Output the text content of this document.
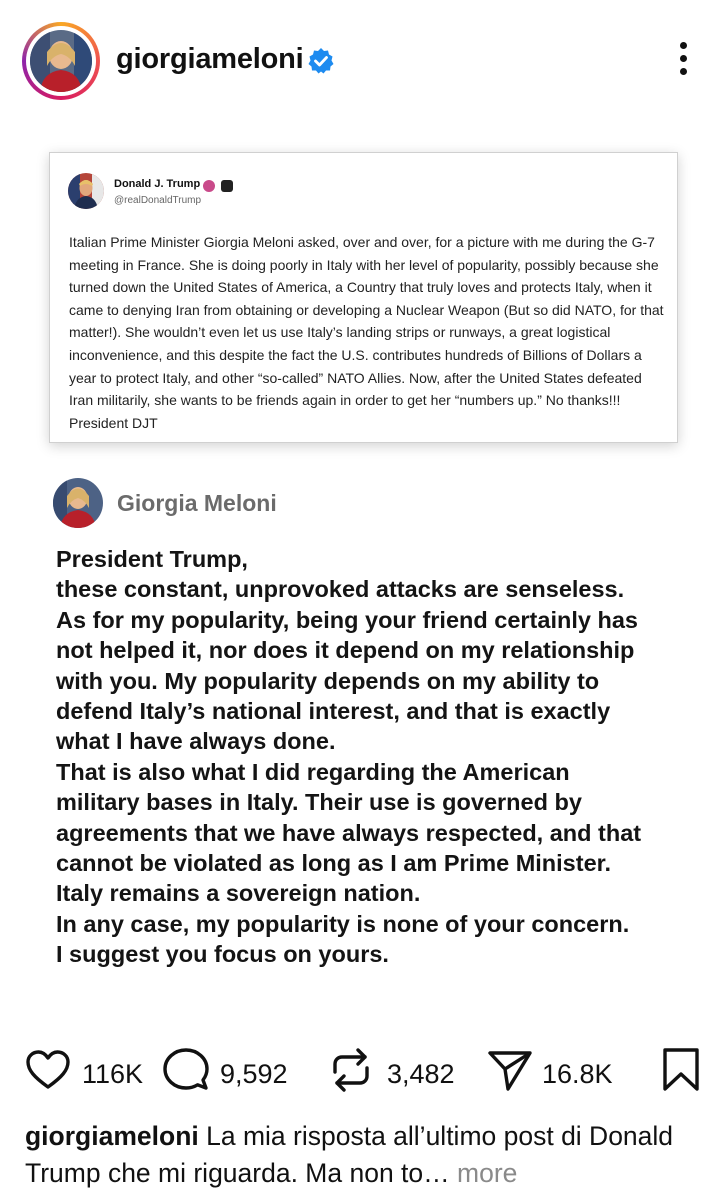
giorgiameloni
Donald J. Trump

@realDonaldTrump
Italian Prime Minister Giorgia Meloni asked, over and over, for a picture with me during the G-7 meeting in France. She is doing poorly in Italy with her level of popularity, possibly because she turned down the United States of America, a Country that truly loves and protects Italy, when it came to denying Iran from obtaining or developing a Nuclear Weapon (But so did NATO, for that matter!). She wouldn’t even let us use Italy’s landing strips or runways, a great logistical inconvenience, and this despite the fact the U.S. contributes hundreds of Billions of Dollars a year to protect Italy, and other “so-called” NATO Allies. Now, after the United States defeated Iran militarily, she wants to be friends again in order to get her “numbers up.” No thanks!!! President DJT
Giorgia Meloni
President Trump,
these constant, unprovoked attacks are senseless.
As for my popularity, being your friend certainly has
not helped it, nor does it depend on my relationship
with you. My popularity depends on my ability to
defend Italy’s national interest, and that is exactly
what I have always done.
That is also what I did regarding the American
military bases in Italy. Their use is governed by
agreements that we have always respected, and that
cannot be violated as long as I am Prime Minister.
Italy remains a sovereign nation.
In any case, my popularity is none of your concern.
I suggest you focus on yours.
116K	9,592	3,482	16.8K
giorgiameloni La mia risposta all’ultimo post di Donald Trump che mi riguarda. Ma non to… more
